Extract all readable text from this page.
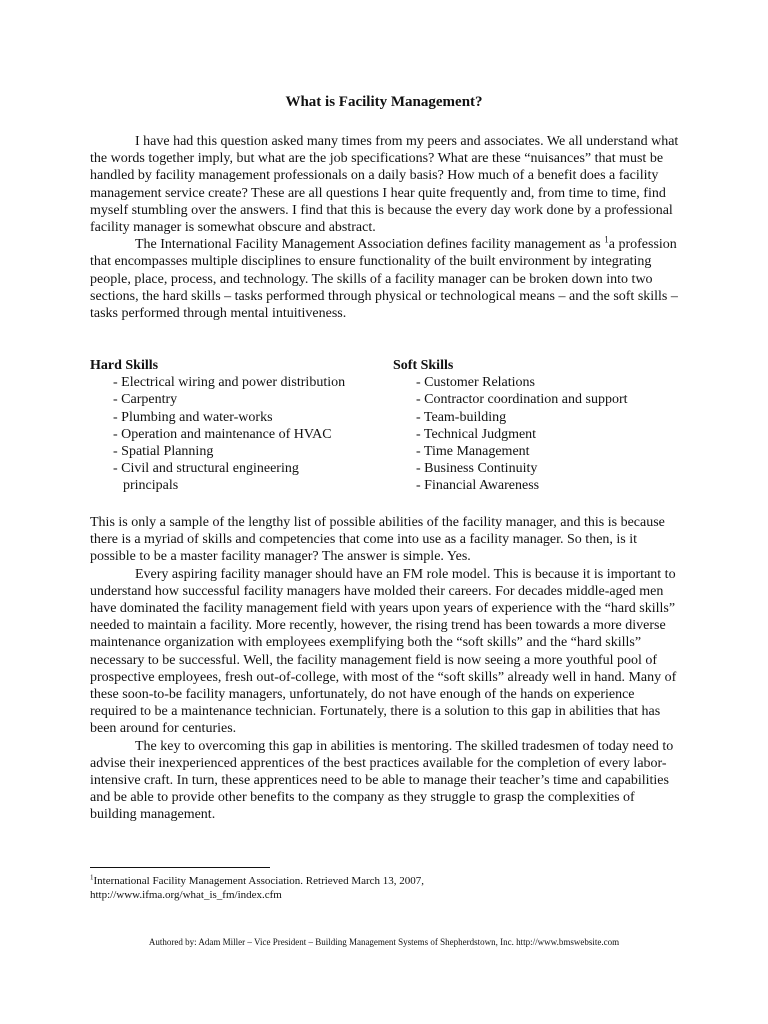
What is Facility Management?

I have had this question asked many times from my peers and associates. We all understand what the words together imply, but what are the job specifications? What are these “nuisances” that must be handled by facility management professionals on a daily basis? How much of a benefit does a facility management service create? These are all questions I hear quite frequently and, from time to time, find myself stumbling over the answers. I find that this is because the every day work done by a professional facility manager is somewhat obscure and abstract.

The International Facility Management Association defines facility management as $^1$a profession that encompasses multiple disciplines to ensure functionality of the built environment by integrating people, place, process, and technology. The skills of a facility manager can be broken down into two sections, the hard skills – tasks performed through physical or technological means – and the soft skills – tasks performed through mental intuitiveness.

Hard Skills
- Electrical wiring and power distribution
- Carpentry
- Plumbing and water-works
- Operation and maintenance of HVAC
- Spatial Planning
- Civil and structural engineering
principals
Soft Skills
- Customer Relations
- Contractor coordination and support
- Team-building
- Technical Judgment
- Time Management
- Business Continuity
- Financial Awareness

This is only a sample of the lengthy list of possible abilities of the facility manager, and this is because there is a myriad of skills and competencies that come into use as a facility manager. So then, is it possible to be a master facility manager? The answer is simple. Yes.

Every aspiring facility manager should have an FM role model. This is because it is important to understand how successful facility managers have molded their careers. For decades middle-aged men have dominated the facility management field with years upon years of experience with the “hard skills” needed to maintain a facility. More recently, however, the rising trend has been towards a more diverse maintenance organization with employees exemplifying both the “soft skills” and the “hard skills” necessary to be successful. Well, the facility management field is now seeing a more youthful pool of prospective employees, fresh out-of-college, with most of the “soft skills” already well in hand. Many of these soon-to-be facility managers, unfortunately, do not have enough of the hands on experience required to be a maintenance technician. Fortunately, there is a solution to this gap in abilities that has been around for centuries.

The key to overcoming this gap in abilities is mentoring. The skilled tradesmen of today need to advise their inexperienced apprentices of the best practices available for the completion of every labor-intensive craft. In turn, these apprentices need to be able to manage their teacher’s time and capabilities and be able to provide other benefits to the company as they struggle to grasp the complexities of building management.

$^1$International Facility Management Association. Retrieved March 13, 2007,
http://www.ifma.org/what_is_fm/index.cfm
Authored by: Adam Miller – Vice President – Building Management Systems of Shepherdstown, Inc. http://www.bmswebsite.com
